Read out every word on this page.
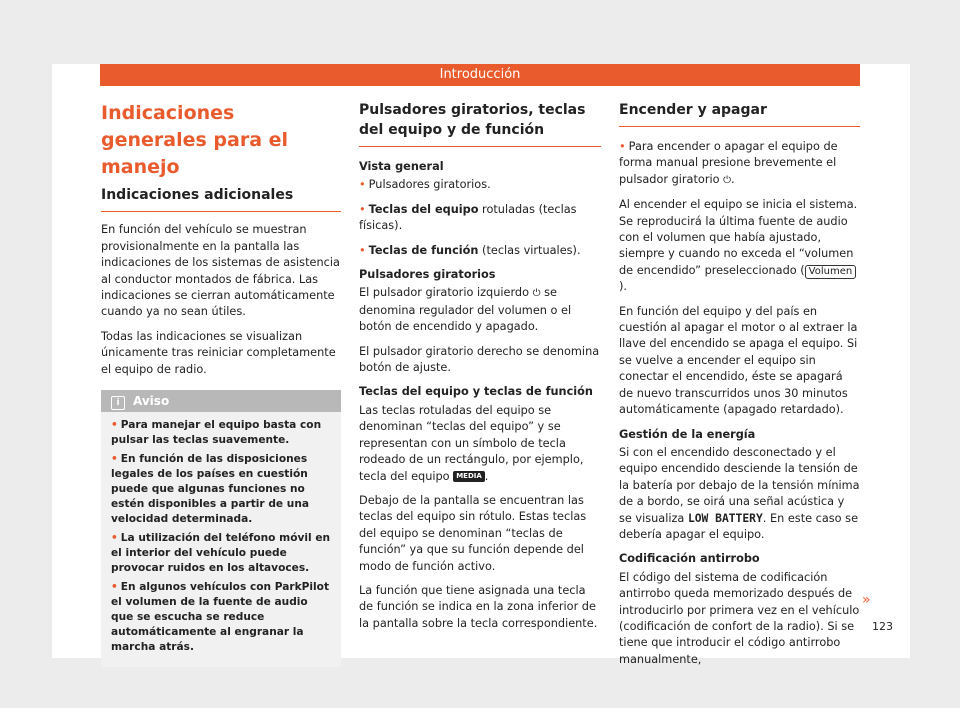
Introducción
Indicaciones generales para el manejo
Indicaciones adicionales

En función del vehículo se muestran provisionalmente en la pantalla las indicaciones de los sistemas de asistencia al conductor montados de fábrica. Las indicaciones se cierran automáticamente cuando ya no sean útiles.

Todas las indicaciones se visualizan únicamente tras reiniciar completamente el equipo de radio.

i Aviso

• Para manejar el equipo basta con pulsar las teclas suavemente.

• En función de las disposiciones legales de los países en cuestión puede que algunas funciones no estén disponibles a partir de una velocidad determinada.

• La utilización del teléfono móvil en el interior del vehículo puede provocar ruidos en los altavoces.

• En algunos vehículos con ParkPilot el volumen de la fuente de audio que se escucha se reduce automáticamente al engranar la marcha atrás.

Pulsadores giratorios, teclas del equipo y de función
Vista general

• Pulsadores giratorios.

• Teclas del equipo rotuladas (teclas físicas).

• Teclas de función (teclas virtuales).

Pulsadores giratorios

El pulsador giratorio izquierdo ⏻ se denomina regulador del volumen o el botón de encendido y apagado.

El pulsador giratorio derecho se denomina botón de ajuste.

Teclas del equipo y teclas de función

Las teclas rotuladas del equipo se denominan “teclas del equipo” y se representan con un símbolo de tecla rodeado de un rectángulo, por ejemplo, tecla del equipo MEDIA .

Debajo de la pantalla se encuentran las teclas del equipo sin rótulo. Estas teclas del equipo se denominan “teclas de función” ya que su función depende del modo de función activo.

La función que tiene asignada una tecla de función se indica en la zona inferior de la pantalla sobre la tecla correspondiente.

Encender y apagar

• Para encender o apagar el equipo de forma manual presione brevemente el pulsador giratorio ⏻.

Al encender el equipo se inicia el sistema. Se reproducirá la última fuente de audio con el volumen que había ajustado, siempre y cuando no exceda el “volumen de encendido” preseleccionado ( Volumen).

En función del equipo y del país en cuestión al apagar el motor o al extraer la llave del encendido se apaga el equipo. Si se vuelve a encender el equipo sin conectar el encendido, éste se apagará de nuevo transcurridos unos 30 minutos automáticamente (apagado retardado).

Gestión de la energía

Si con el encendido desconectado y el equipo encendido desciende la tensión de la batería por debajo de la tensión mínima de a bordo, se oirá una señal acústica y se visualiza LOW BATTERY. En este caso se debería apagar el equipo.

Codificación antirrobo

El código del sistema de codificación antirrobo queda memorizado después de introducirlo por primera vez en el vehículo (codificación de confort de la radio). Si se tiene que introducir el código antirrobo manualmente,

»
123
